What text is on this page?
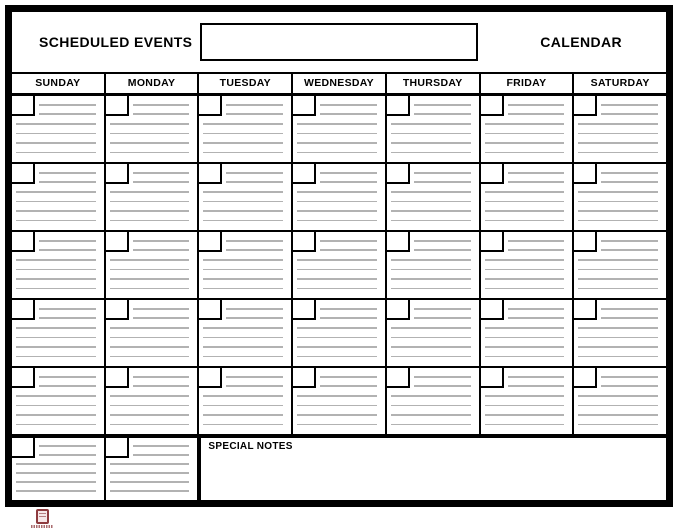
SCHEDULED EVENTS	CALENDAR
SUNDAY	MONDAY	TUESDAY	WEDNESDAY	THURSDAY	FRIDAY	SATURDAY
SPECIAL NOTES
